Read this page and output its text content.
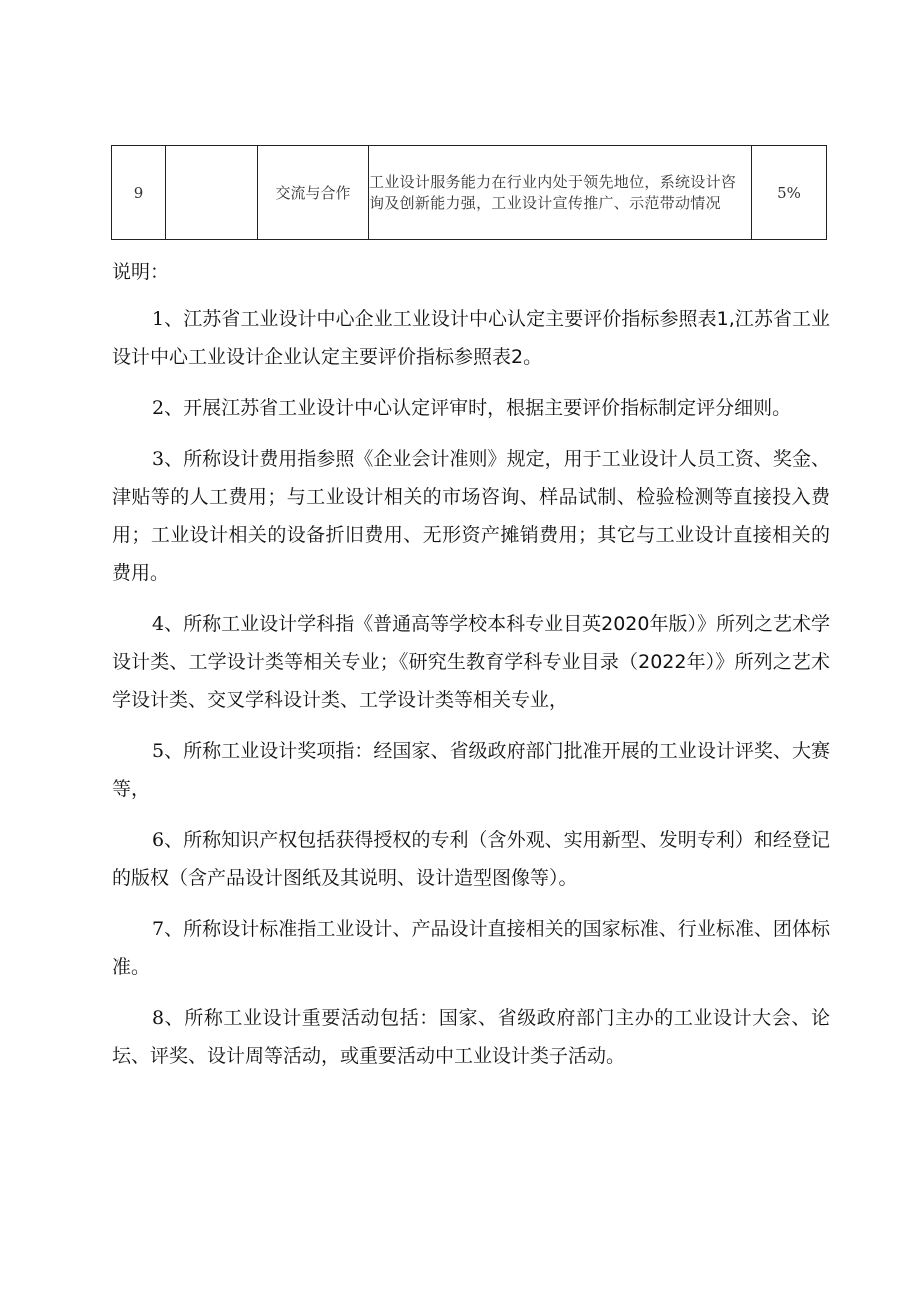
9		交流与合作	工业设计服务能力在行业内处于领先地位，系统设计咨询及创新能力强，工业设计宣传推广、示范带动情况	5%
说明：

1、江苏省工业设计中心企业工业设计中心认定主要评价指标参照表1,江苏省工业设计中心工业设计企业认定主要评价指标参照表2。

2、开展江苏省工业设计中心认定评审时，根据主要评价指标制定评分细则。

3、所称设计费用指参照《企业会计准则》规定，用于工业设计人员工资、奖金、津贴等的人工费用；与工业设计相关的市场咨询、样品试制、检验检测等直接投入费用；工业设计相关的设备折旧费用、无形资产摊销费用；其它与工业设计直接相关的费用。

4、所称工业设计学科指《普通高等学校本科专业目英2020年版）》所列之艺术学设计类、工学设计类等相关专业；《研究生教育学科专业目录（2022年）》所列之艺术学设计类、交叉学科设计类、工学设计类等相关专业，

5、所称工业设计奖项指：经国家、省级政府部门批准开展的工业设计评奖、大赛等，

6、所称知识产权包括获得授权的专利（含外观、实用新型、发明专利）和经登记的版权（含产品设计图纸及其说明、设计造型图像等）。

7、所称设计标准指工业设计、产品设计直接相关的国家标准、行业标准、团体标准。

8、所称工业设计重要活动包括：国家、省级政府部门主办的工业设计大会、论坛、评奖、设计周等活动，或重要活动中工业设计类子活动。
